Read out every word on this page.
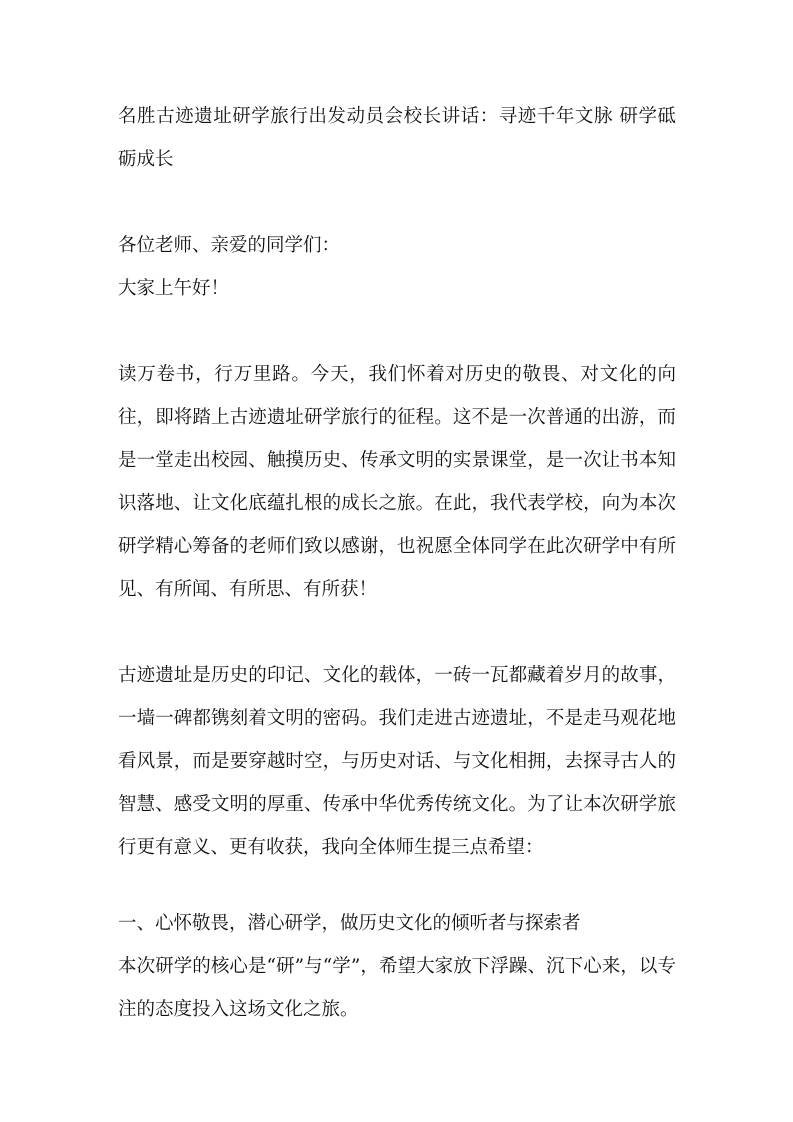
名胜古迹遗址研学旅行出发动员会校长讲话：寻迹千年文脉 研学砥砺成长

各位老师、亲爱的同学们：

大家上午好！

读万卷书，行万里路。今天，我们怀着对历史的敬畏、对文化的向往，即将踏上古迹遗址研学旅行的征程。这不是一次普通的出游，而是一堂走出校园、触摸历史、传承文明的实景课堂，是一次让书本知识落地、让文化底蕴扎根的成长之旅。在此，我代表学校，向为本次研学精心筹备的老师们致以感谢，也祝愿全体同学在此次研学中有所见、有所闻、有所思、有所获！

古迹遗址是历史的印记、文化的载体，一砖一瓦都藏着岁月的故事，一墙一碑都镌刻着文明的密码。我们走进古迹遗址，不是走马观花地看风景，而是要穿越时空，与历史对话、与文化相拥，去探寻古人的智慧、感受文明的厚重、传承中华优秀传统文化。为了让本次研学旅行更有意义、更有收获，我向全体师生提三点希望：

一、心怀敬畏，潜心研学，做历史文化的倾听者与探索者

本次研学的核心是“研”与“学”，希望大家放下浮躁、沉下心来，以专注的态度投入这场文化之旅。
